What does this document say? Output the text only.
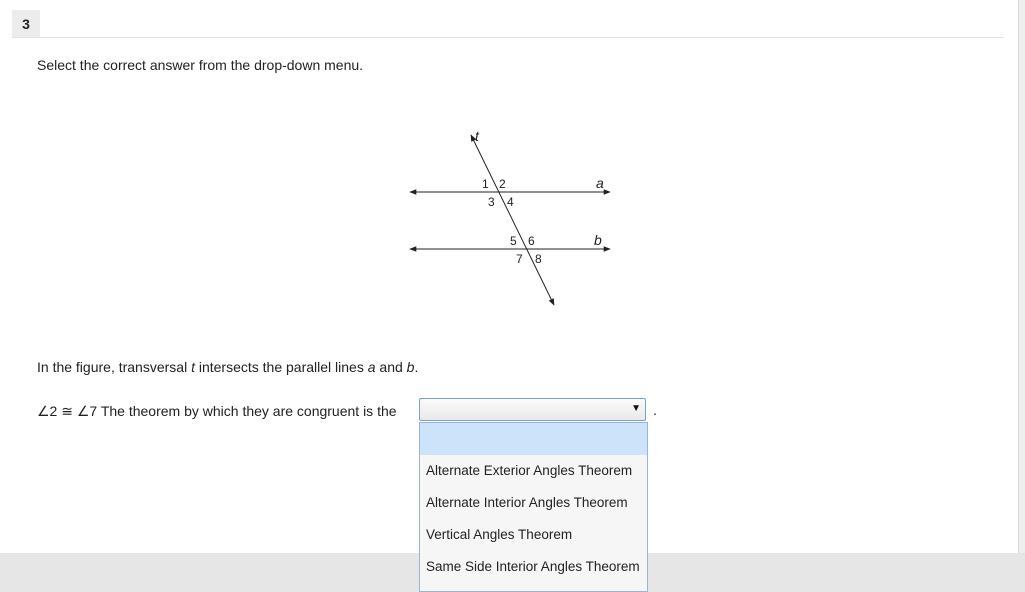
3
Select the correct answer from the drop-down menu.
t
a
b
1 2
3 4
5 6
7 8
In the figure, transversal t intersects the parallel lines a and b.
∠2 ≅ ∠7 The theorem by which they are congruent is the	▼ .
Alternate Exterior Angles Theorem
Alternate Interior Angles Theorem
Vertical Angles Theorem
Same Side Interior Angles Theorem
